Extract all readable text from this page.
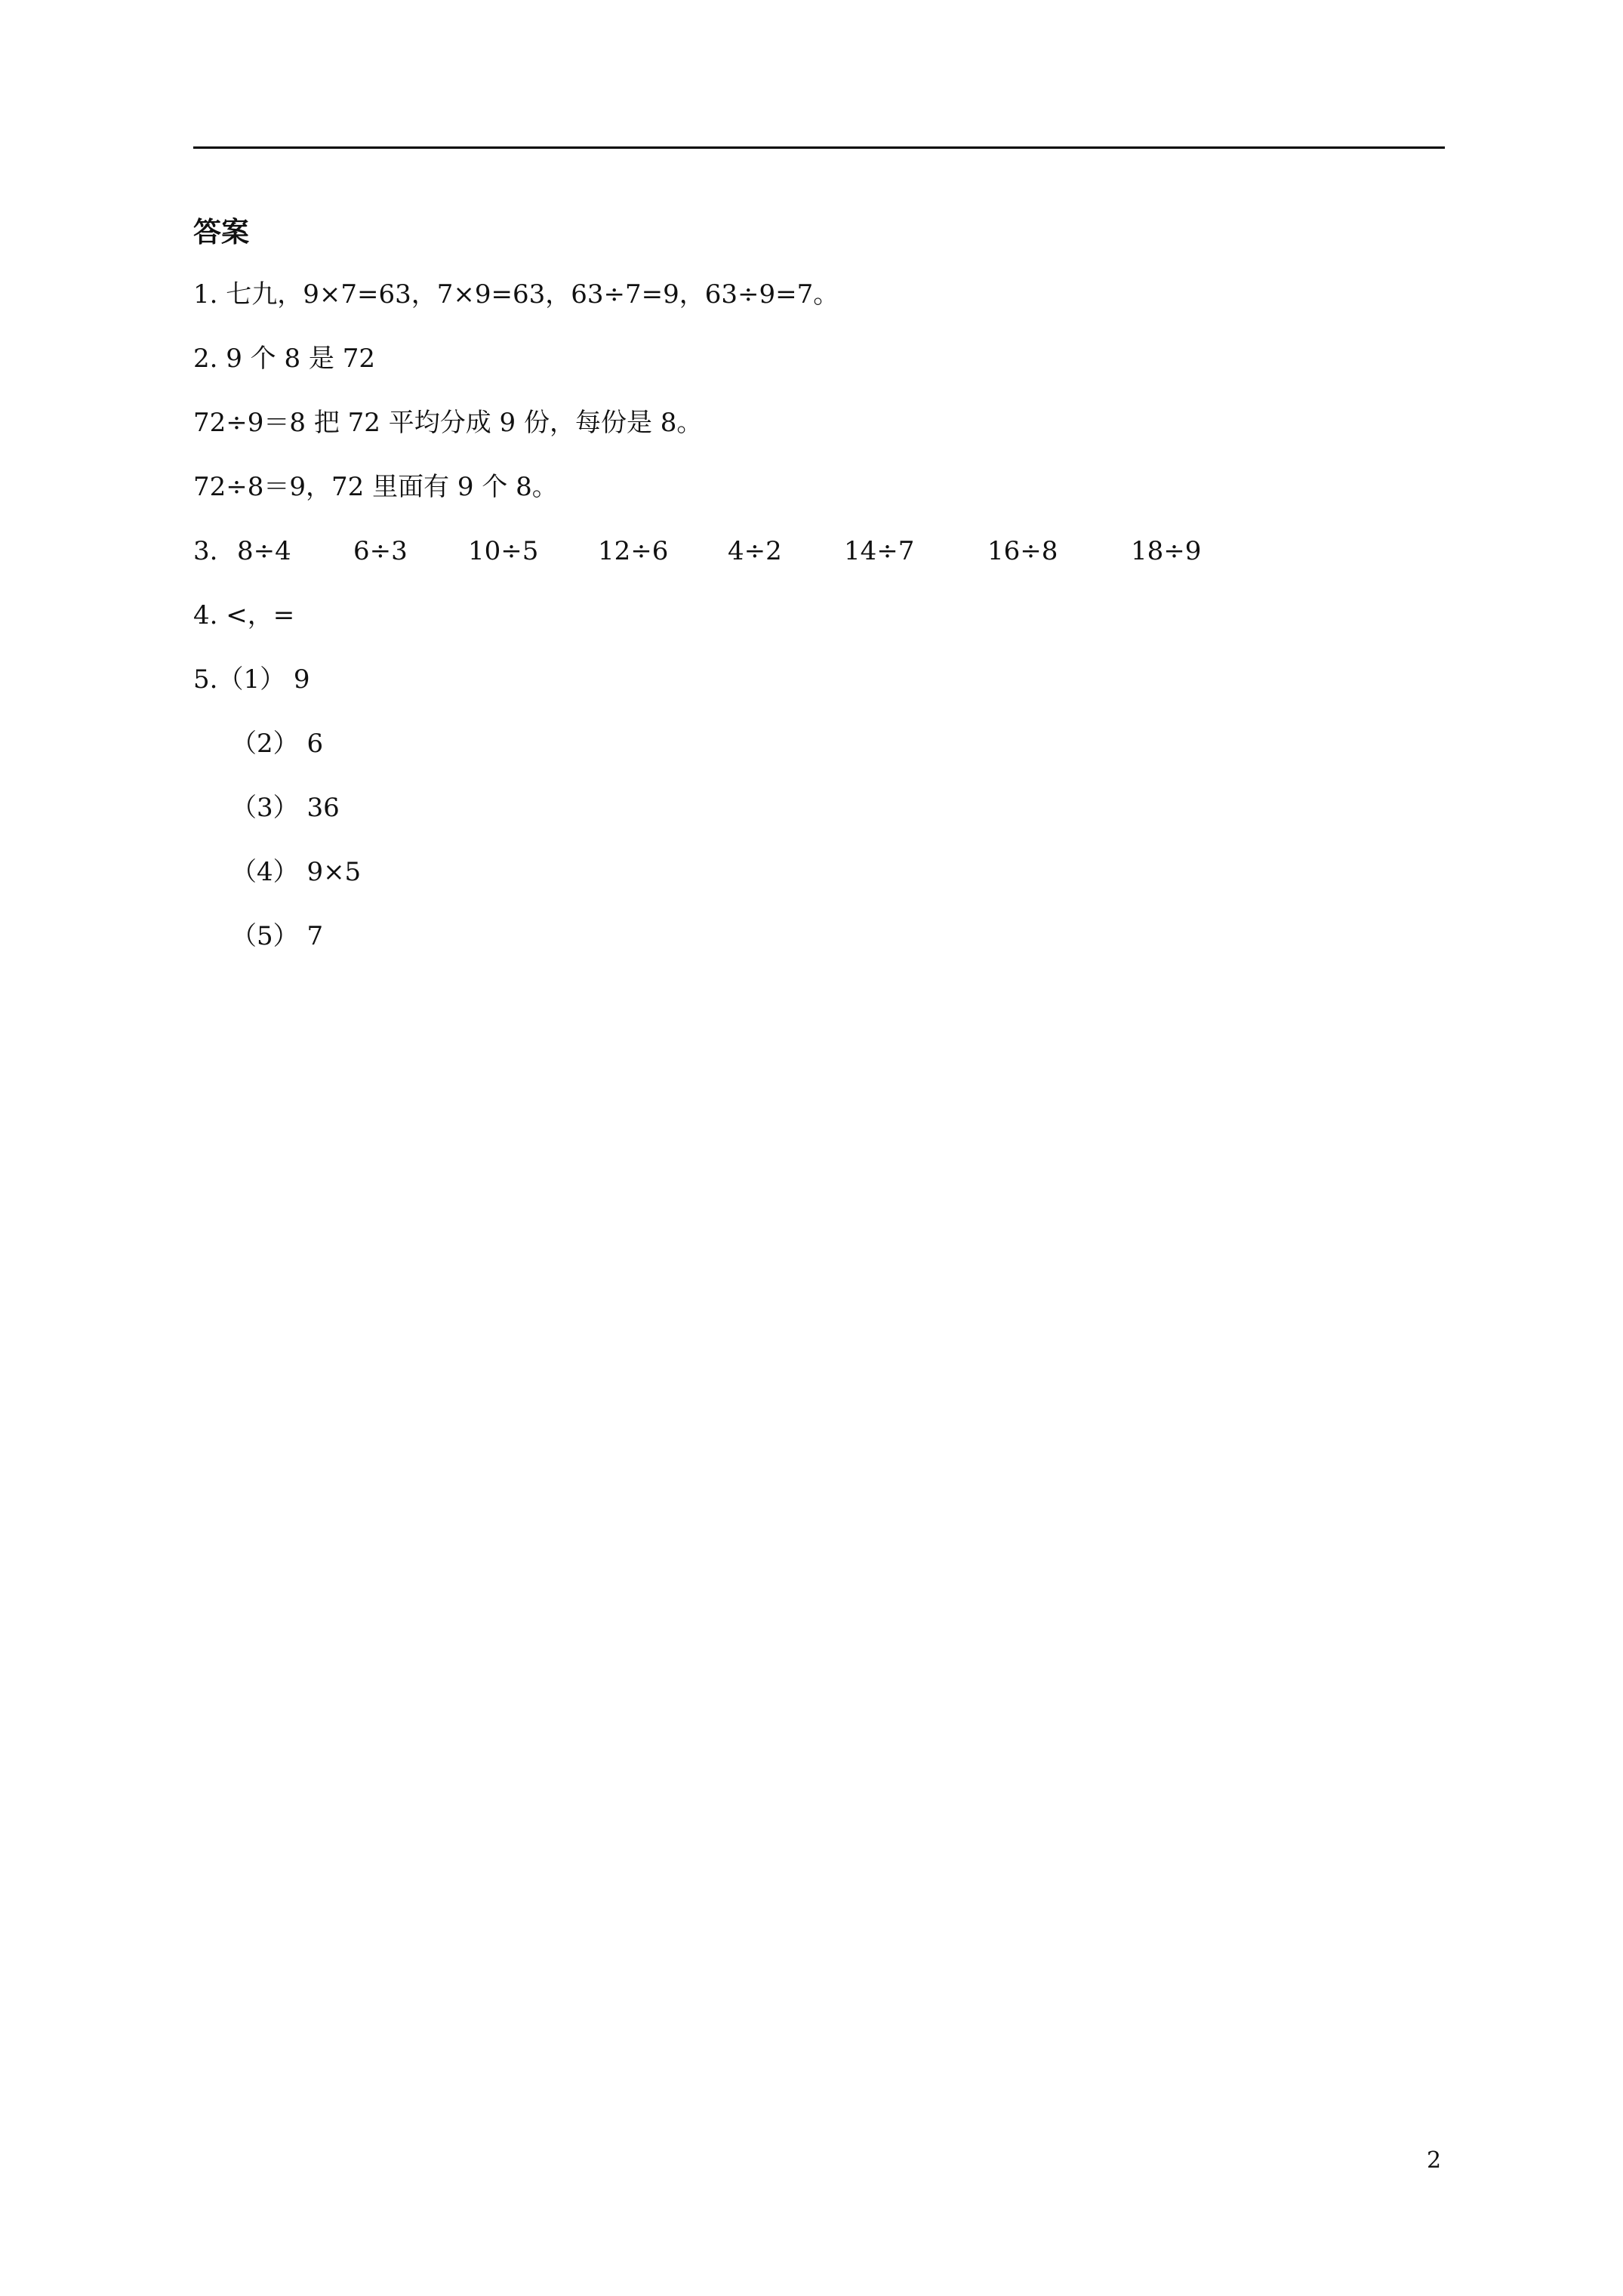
答案
1. 七九，9×7=63，7×9=63，63÷7=9，63÷9=7。
2. 9 个 8 是 72
72÷9＝8 把 72 平均分成 9 份，每份是 8。
72÷8＝9，72 里面有 9 个 8。
3. 8÷4 6÷3 10÷5 12÷6 4÷2 14÷7	16÷8	18÷9
4. <，=
5.（1） 9
（2） 6
（3） 36
（4） 9×5
（5） 7
2
